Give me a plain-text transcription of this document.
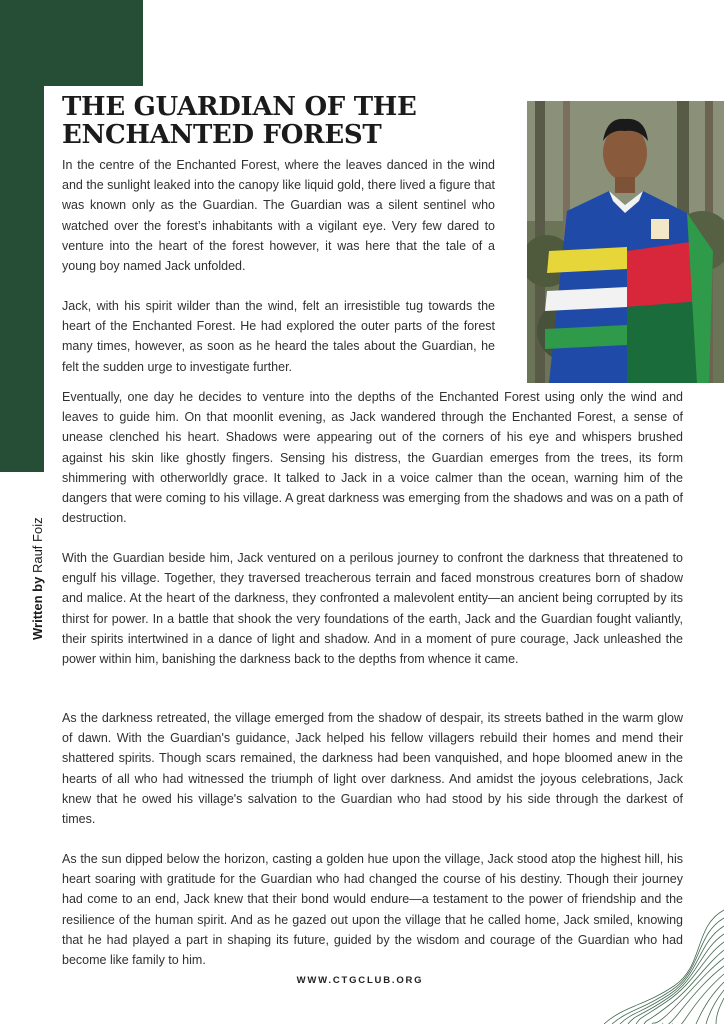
THE GUARDIAN OF THE ENCHANTED FOREST

In the centre of the Enchanted Forest, where the leaves danced in the wind and the sunlight leaked into the canopy like liquid gold, there lived a figure that was known only as the Guardian. The Guardian was a silent sentinel who watched over the forest’s inhabitants with a vigilant eye. Very few dared to venture into the heart of the forest however, it was here that the tale of a young boy named Jack unfolded.

Jack, with his spirit wilder than the wind, felt an irresistible tug towards the heart of the Enchanted Forest. He had explored the outer parts of the forest many times, however, as soon as he heard the tales about the Guardian, he felt the sudden urge to investigate further.

Eventually, one day he decides to venture into the depths of the Enchanted Forest using only the wind and leaves to guide him. On that moonlit evening, as Jack wandered through the Enchanted Forest, a sense of unease clenched his heart. Shadows were appearing out of the corners of his eye and whispers brushed against his skin like ghostly fingers. Sensing his distress, the Guardian emerges from the trees, its form shimmering with otherworldly grace. It talked to Jack in a voice calmer than the ocean, warning him of the dangers that were coming to his village. A great darkness was emerging from the shadows and was on a path of destruction.

With the Guardian beside him, Jack ventured on a perilous journey to confront the darkness that threatened to engulf his village. Together, they traversed treacherous terrain and faced monstrous creatures born of shadow and malice. At the heart of the darkness, they confronted a malevolent entity—an ancient being corrupted by its thirst for power. In a battle that shook the very foundations of the earth, Jack and the Guardian fought valiantly, their spirits intertwined in a dance of light and shadow. And in a moment of pure courage, Jack unleashed the power within him, banishing the darkness back to the depths from whence it came.

As the darkness retreated, the village emerged from the shadow of despair, its streets bathed in the warm glow of dawn. With the Guardian's guidance, Jack helped his fellow villagers rebuild their homes and mend their shattered spirits. Though scars remained, the darkness had been vanquished, and hope bloomed anew in the hearts of all who had witnessed the triumph of light over darkness. And amidst the joyous celebrations, Jack knew that he owed his village's salvation to the Guardian who had stood by his side through the darkest of times.

As the sun dipped below the horizon, casting a golden hue upon the village, Jack stood atop the highest hill, his heart soaring with gratitude for the Guardian who had changed the course of his destiny. Though their journey had come to an end, Jack knew that their bond would endure—a testament to the power of friendship and the resilience of the human spirit. And as he gazed out upon the village that he called home, Jack smiled, knowing that he had played a part in shaping its future, guided by the wisdom and courage of the Guardian who had become like family to him.

Written by Rauf Foiz
WWW.CTGCLUB.ORG
